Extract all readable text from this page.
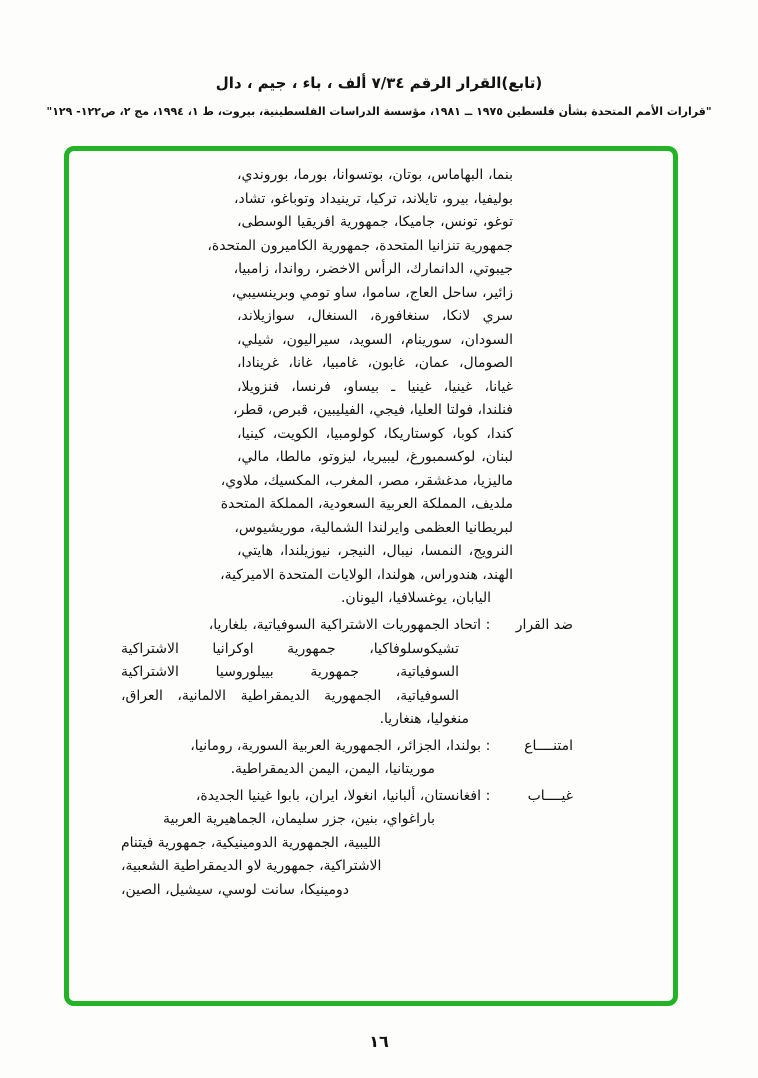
(تابع)القرار الرقم ٧/٣٤ ألف ، باء ، جيم ، دال
"قرارات الأمم المتحدة بشأن فلسطين ١٩٧٥ ــ ١٩٨١، مؤسسة الدراسات الفلسطينية، بيروت، ط ١، ١٩٩٤، مج ٢، ص١٢٢- ١٢٩"
بنما، البهاماس، بوتان، بوتسوانا، بورما، بوروندي،
بوليفيا، بيرو، تايلاند، تركيا، ترينيداد وتوباغو، تشاد،
توغو، تونس، جاميكا، جمهورية افريقيا الوسطى،
جمهورية تنزانيا المتحدة، جمهورية الكاميرون المتحدة،
جيبوتي، الدانمارك، الرأس الاخضر، رواندا، زامبيا،
زائير، ساحل العاج، ساموا، ساو تومي وبرينسيبي،
سري لانكا، سنغافورة، السنغال، سوازيلاند،
السودان، سورينام، السويد، سيراليون، شيلي،
الصومال، عمان، غابون، غامبيا، غانا، غرينادا،
غيانا، غينيا، غينيا ـ بيساو، فرنسا، فنزويلا،
فنلندا، فولتا العليا، فيجي، الفيليبين، قبرص، قطر،
كندا، كوبا، كوستاريكا، كولومبيا، الكويت، كينيا،
لبنان، لوكسمبورغ، ليبيريا، ليزوتو، مالطا، مالي،
ماليزيا، مدغشقر، مصر، المغرب، المكسيك، ملاوي،
ملديف، المملكة العربية السعودية، المملكة المتحدة
لبريطانيا العظمى وايرلندا الشمالية، موريشيوس،
النرويج، النمسا، نيبال، النيجر، نيوزيلندا، هايتي،
الهند، هندوراس، هولندا، الولايات المتحدة الاميركية،
اليابان، يوغسلافيا، اليونان.
ضد القرار
:
اتحاد الجمهوريات الاشتراكية السوفياتية، بلغاريا،
تشيكوسلوفاكيا، جمهورية اوكرانيا الاشتراكية
السوفياتية، جمهورية بييلوروسيا الاشتراكية
السوفياتية، الجمهورية الديمقراطية الالمانية، العراق،
منغوليا، هنغاريا.
امتنــــاع
:
بولندا، الجزائر، الجمهورية العربية السورية، رومانيا،
موريتانيا، اليمن، اليمن الديمقراطية.
غيــــاب
:
افغانستان، ألبانيا، انغولا، ايران، بابوا غينيا الجديدة،
باراغواي، بنين، جزر سليمان، الجماهيرية العربية
الليبية، الجمهورية الدومينيكية، جمهورية فيتنام
الاشتراكية، جمهورية لاو الديمقراطية الشعبية،
دومينيكا، سانت لوسي، سيشيل، الصين،
١٦
